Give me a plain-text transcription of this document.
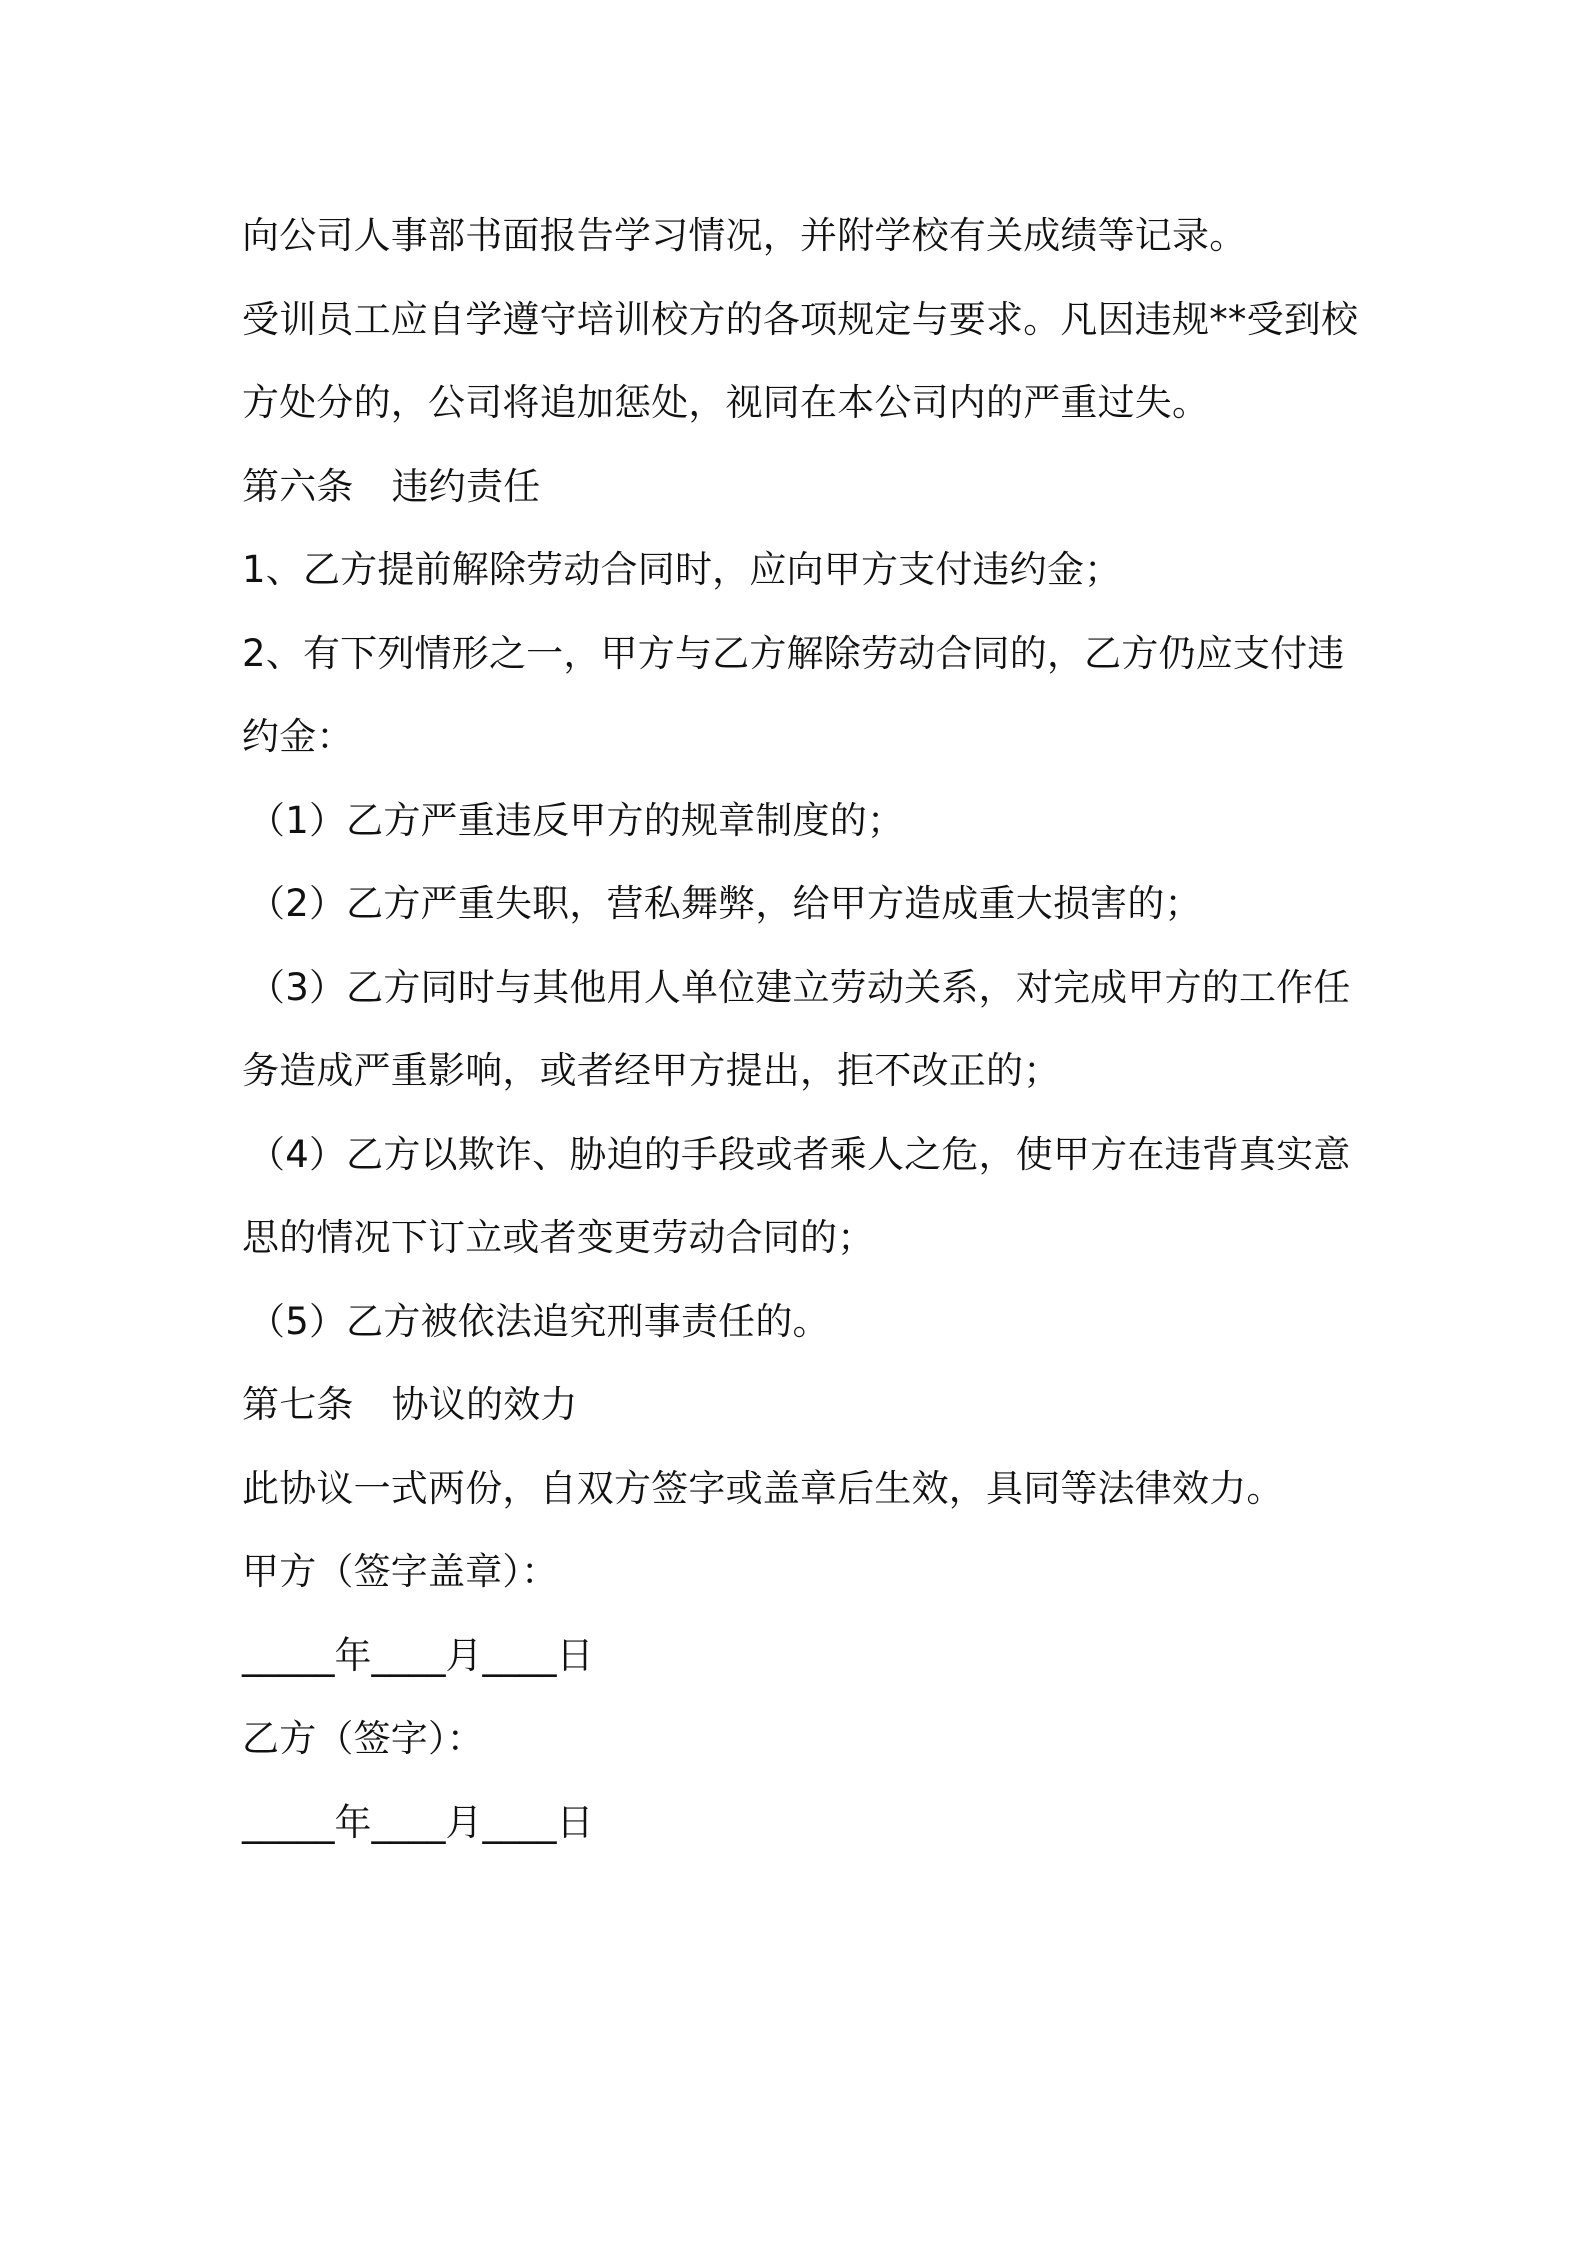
向公司人事部书面报告学习情况，并附学校有关成绩等记录。
受训员工应自学遵守培训校方的各项规定与要求。凡因违规**受到校
方处分的，公司将追加惩处，视同在本公司内的严重过失。
第六条 违约责任
1、乙方提前解除劳动合同时，应向甲方支付违约金；
2、有下列情形之一，甲方与乙方解除劳动合同的，乙方仍应支付违
约金：
（1）乙方严重违反甲方的规章制度的；
（2）乙方严重失职，营私舞弊，给甲方造成重大损害的；
（3）乙方同时与其他用人单位建立劳动关系，对完成甲方的工作任
务造成严重影响，或者经甲方提出，拒不改正的；
（4）乙方以欺诈、胁迫的手段或者乘人之危，使甲方在违背真实意
思的情况下订立或者变更劳动合同的；
（5）乙方被依法追究刑事责任的。
第七条 协议的效力
此协议一式两份，自双方签字或盖章后生效，具同等法律效力。
甲方（签字盖章）：
_____年____月____日
乙方（签字）：
_____年____月____日
